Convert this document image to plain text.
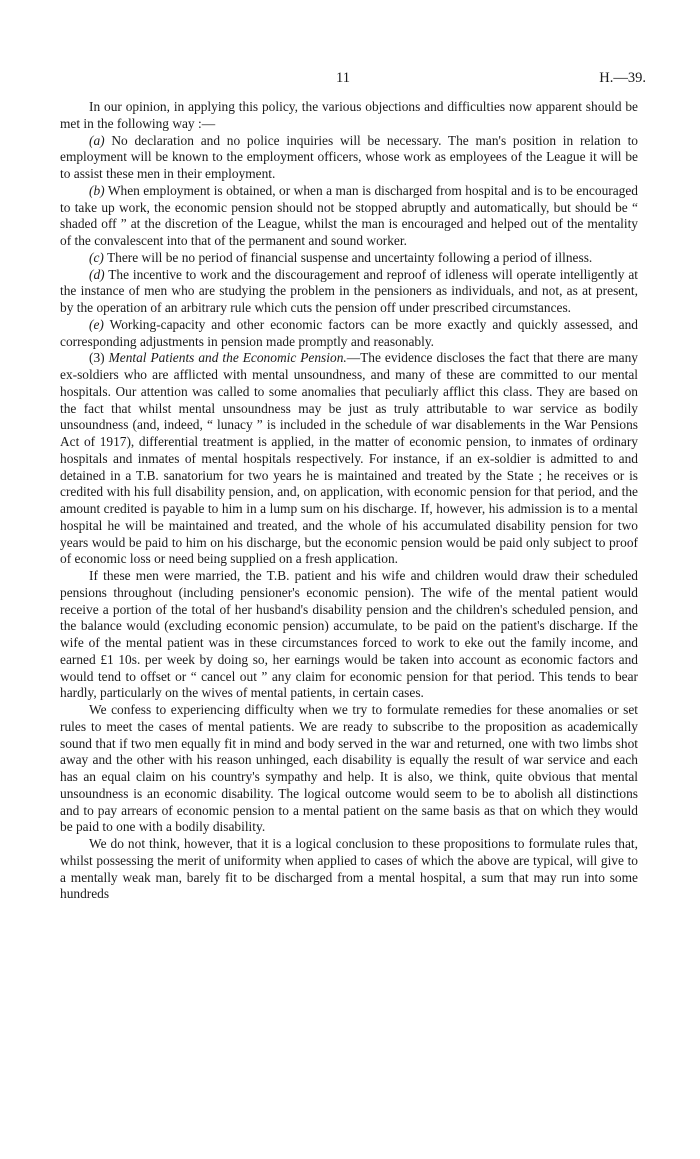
11	H.—39.

In our opinion, in applying this policy, the various objections and difficulties now apparent should be met in the following way :—

(a) No declaration and no police inquiries will be necessary. The man's position in relation to employment will be known to the employment officers, whose work as employees of the League it will be to assist these men in their employment.

(b) When employment is obtained, or when a man is discharged from hospital and is to be encouraged to take up work, the economic pension should not be stopped abruptly and automatically, but should be “ shaded off ” at the discretion of the League, whilst the man is encouraged and helped out of the mentality of the convalescent into that of the permanent and sound worker.

(c) There will be no period of financial suspense and uncertainty following a period of illness.

(d) The incentive to work and the discouragement and reproof of idleness will operate intelligently at the instance of men who are studying the problem in the pensioners as individuals, and not, as at present, by the operation of an arbitrary rule which cuts the pension off under prescribed circumstances.

(e) Working-capacity and other economic factors can be more exactly and quickly assessed, and corresponding adjustments in pension made promptly and reasonably.

(3) Mental Patients and the Economic Pension.—The evidence discloses the fact that there are many ex-soldiers who are afflicted with mental unsoundness, and many of these are committed to our mental hospitals. Our attention was called to some anomalies that peculiarly afflict this class. They are based on the fact that whilst mental unsoundness may be just as truly attributable to war service as bodily unsoundness (and, indeed, “ lunacy ” is included in the schedule of war disablements in the War Pensions Act of 1917), differential treatment is applied, in the matter of economic pension, to inmates of ordinary hospitals and inmates of mental hospitals respectively. For instance, if an ex-soldier is admitted to and detained in a T.B. sanatorium for two years he is maintained and treated by the State ; he receives or is credited with his full disability pension, and, on application, with economic pension for that period, and the amount credited is payable to him in a lump sum on his discharge. If, however, his admission is to a mental hospital he will be maintained and treated, and the whole of his accumulated disability pension for two years would be paid to him on his discharge, but the economic pension would be paid only subject to proof of economic loss or need being supplied on a fresh application.

If these men were married, the T.B. patient and his wife and children would draw their scheduled pensions throughout (including pensioner's economic pension). The wife of the mental patient would receive a portion of the total of her husband's disability pension and the children's scheduled pension, and the balance would (excluding economic pension) accumulate, to be paid on the patient's discharge. If the wife of the mental patient was in these circumstances forced to work to eke out the family income, and earned £1 10s. per week by doing so, her earnings would be taken into account as economic factors and would tend to offset or “ cancel out ” any claim for economic pension for that period. This tends to bear hardly, particularly on the wives of mental patients, in certain cases.

We confess to experiencing difficulty when we try to formulate remedies for these anomalies or set rules to meet the cases of mental patients. We are ready to subscribe to the proposition as academically sound that if two men equally fit in mind and body served in the war and returned, one with two limbs shot away and the other with his reason unhinged, each disability is equally the result of war service and each has an equal claim on his country's sympathy and help. It is also, we think, quite obvious that mental unsoundness is an economic disability. The logical outcome would seem to be to abolish all distinctions and to pay arrears of economic pension to a mental patient on the same basis as that on which they would be paid to one with a bodily disability.

We do not think, however, that it is a logical conclusion to these propositions to formulate rules that, whilst possessing the merit of uniformity when applied to cases of which the above are typical, will give to a mentally weak man, barely fit to be discharged from a mental hospital, a sum that may run into some hundreds
